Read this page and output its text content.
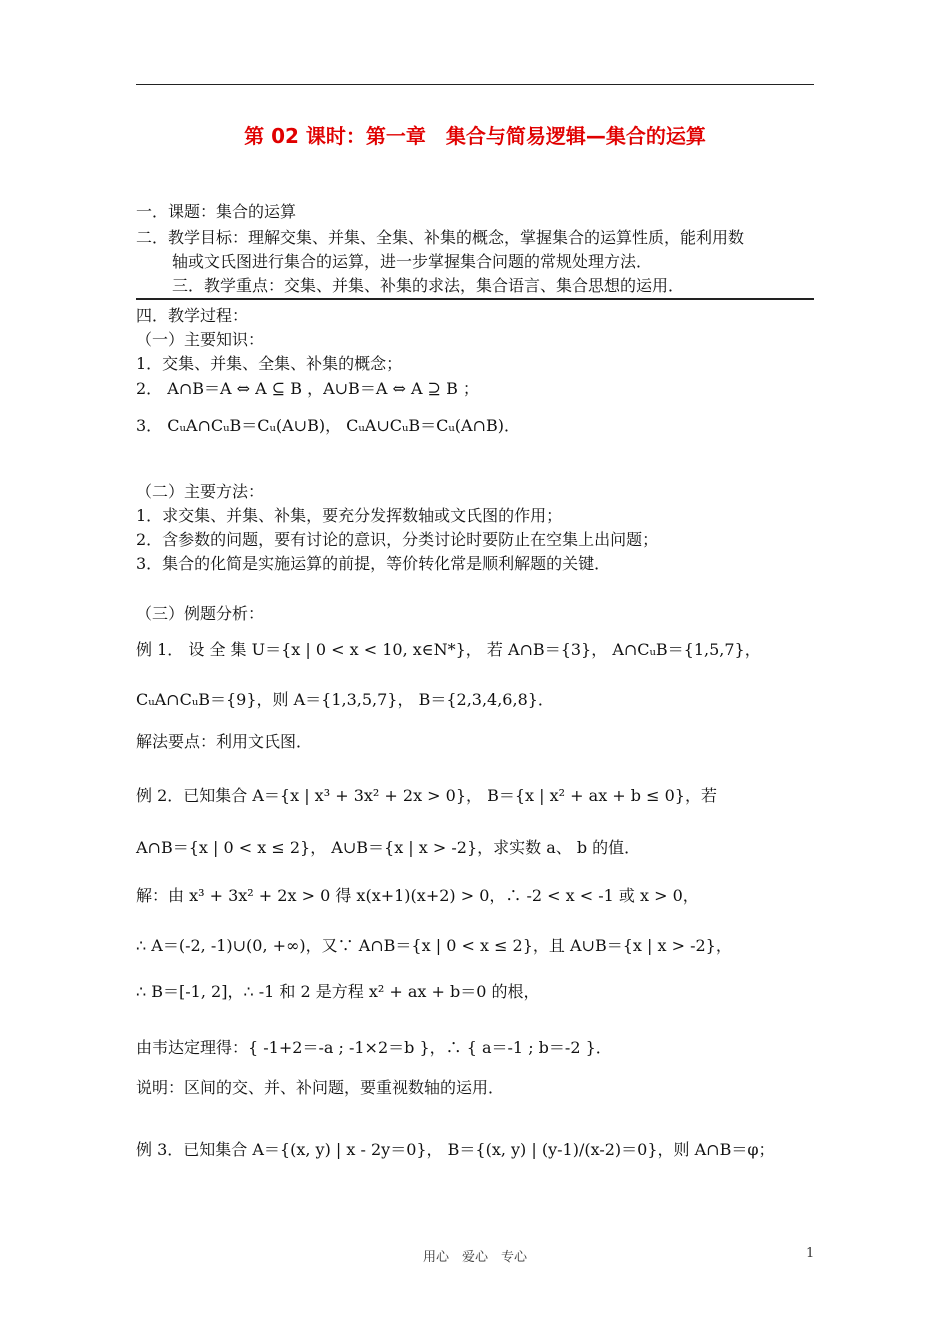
第 02 课时：第一章　集合与简易逻辑—集合的运算
一．课题：集合的运算
二．教学目标：理解交集、并集、全集、补集的概念，掌握集合的运算性质，能利用数
轴或文氏图进行集合的运算，进一步掌握集合问题的常规处理方法．
三．教学重点：交集、并集、补集的求法，集合语言、集合思想的运用．
四．教学过程：
（一）主要知识：
1．交集、并集、全集、补集的概念；
2． A∩B＝A ⇔ A ⊆ B ，A∪B＝A ⇔ A ⊇ B ；
3． CᵤA∩CᵤB＝Cᵤ(A∪B)， CᵤA∪CᵤB＝Cᵤ(A∩B)．
（二）主要方法：
1．求交集、并集、补集，要充分发挥数轴或文氏图的作用；
2．含参数的问题，要有讨论的意识，分类讨论时要防止在空集上出问题；
3．集合的化简是实施运算的前提，等价转化常是顺利解题的关键．
（三）例题分析：
例 1． 设 全 集 U＝{x | 0 < x < 10, x∈N*}， 若 A∩B＝{3}， A∩CᵤB＝{1,5,7}，
CᵤA∩CᵤB＝{9}，则 A＝{1,3,5,7}， B＝{2,3,4,6,8}．
解法要点：利用文氏图．
例 2．已知集合 A＝{x | x³ + 3x² + 2x > 0}， B＝{x | x² + ax + b ≤ 0}，若
A∩B＝{x | 0 < x ≤ 2}， A∪B＝{x | x > -2}，求实数 a、 b 的值．
解：由 x³ + 3x² + 2x > 0 得 x(x+1)(x+2) > 0，∴ -2 < x < -1 或 x > 0，
∴ A＝(-2, -1)∪(0, +∞)，又∵ A∩B＝{x | 0 < x ≤ 2}，且 A∪B＝{x | x > -2}，
∴ B＝[-1, 2]，∴ -1 和 2 是方程 x² + ax + b＝0 的根，
由韦达定理得：{ -1+2＝-a ; -1×2＝b }，∴ { a＝-1 ; b＝-2 }．
说明：区间的交、并、补问题，要重视数轴的运用．
例 3．已知集合 A＝{(x, y) | x - 2y＝0}， B＝{(x, y) | (y-1)/(x-2)＝0}，则 A∩B＝φ；
用心　爱心　专心	1
